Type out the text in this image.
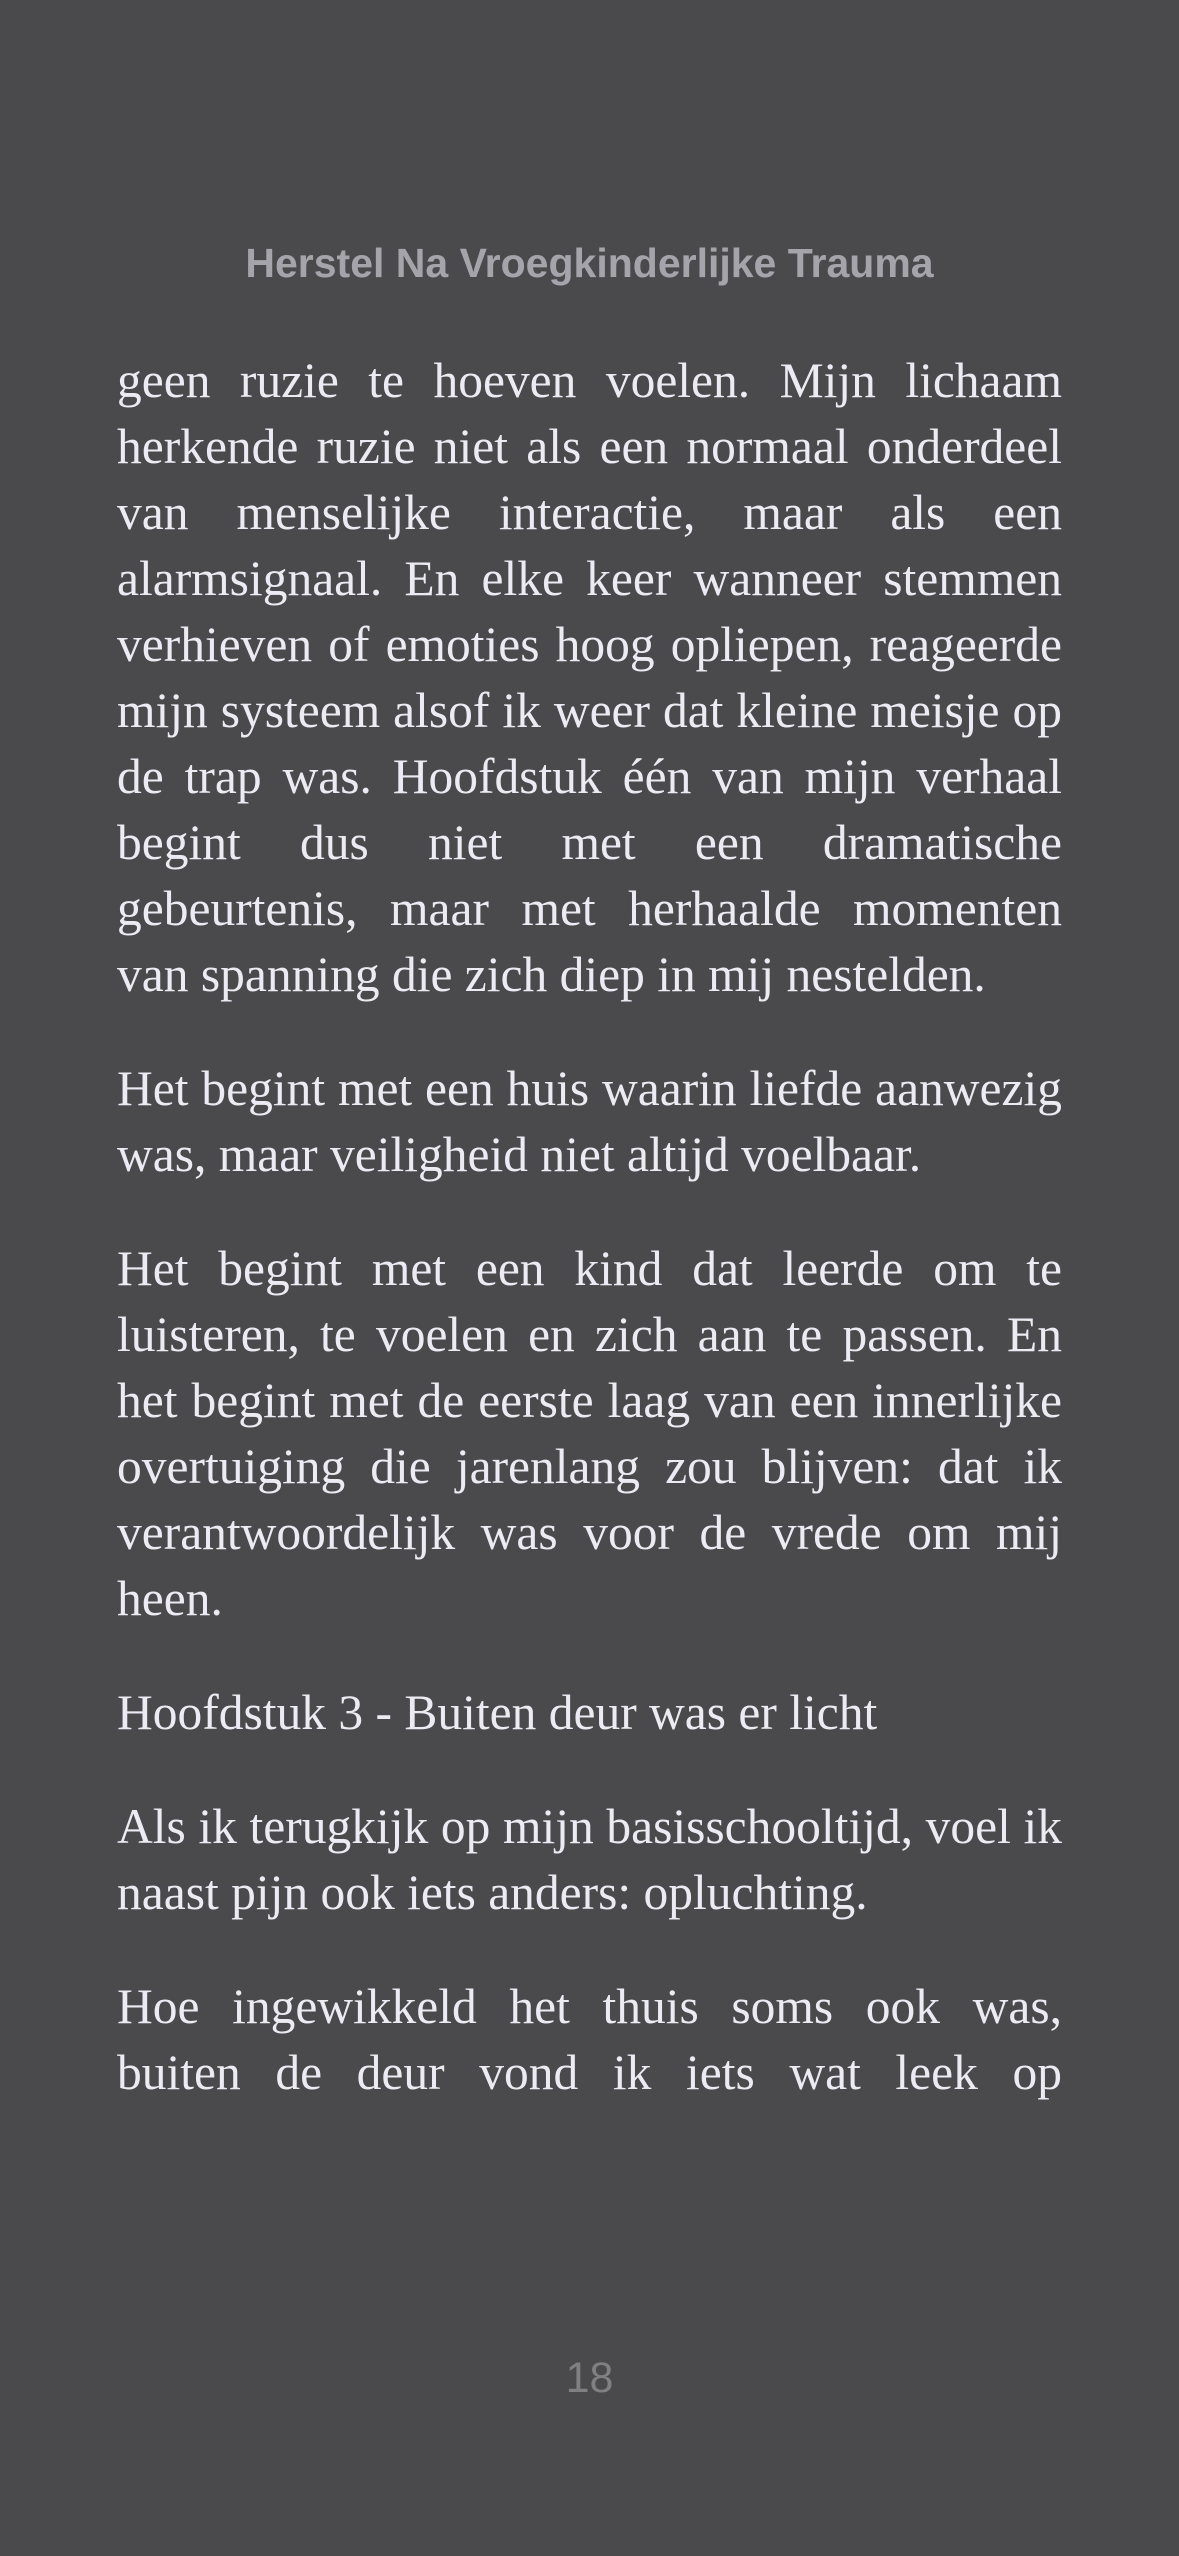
Herstel Na Vroegkinderlijke Trauma

geen ruzie te hoeven voelen. Mijn lichaam herkende ruzie niet als een normaal onderdeel van menselijke interactie, maar als een alarmsignaal. En elke keer wanneer stemmen verhieven of emoties hoog opliepen, reageerde mijn systeem alsof ik weer dat kleine meisje op de trap was. Hoofdstuk één van mijn verhaal begint dus niet met een dramatische gebeurtenis, maar met herhaalde momenten van spanning die zich diep in mij nestelden.

Het begint met een huis waarin liefde aanwezig was, maar veiligheid niet altijd voelbaar.

Het begint met een kind dat leerde om te luisteren, te voelen en zich aan te passen. En het begint met de eerste laag van een innerlijke overtuiging die jarenlang zou blijven: dat ik verantwoordelijk was voor de vrede om mij heen.

Hoofdstuk 3 - Buiten deur was er licht

Als ik terugkijk op mijn basisschooltijd, voel ik naast pijn ook iets anders: opluchting.

Hoe ingewikkeld het thuis soms ook was, buiten de deur vond ik iets wat leek op

18
